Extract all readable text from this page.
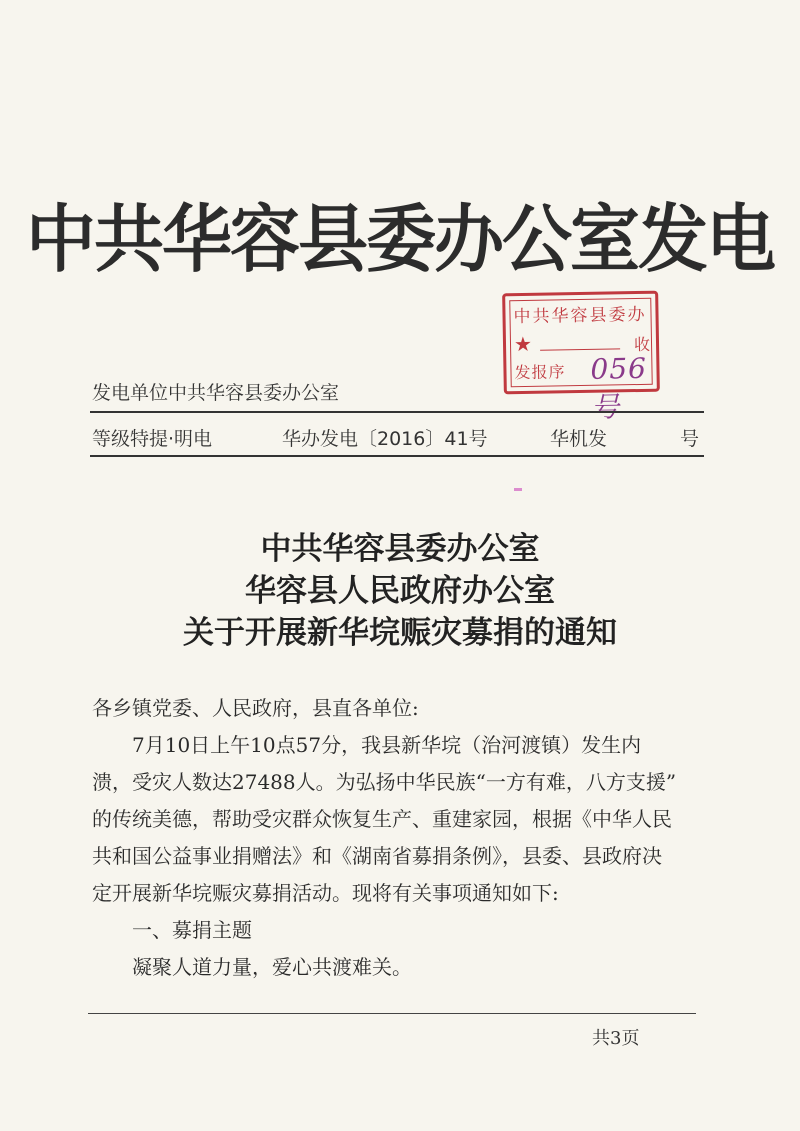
中共华容县委办公室发电
中共华容县委办
★	收
发报序 056号
发电单位中共华容县委办公室
等级特提·明电	华办发电〔2016〕41号	华机发	号
中共华容县委办公室
华容县人民政府办公室
关于开展新华垸赈灾募捐的通知

各乡镇党委、人民政府，县直各单位:

7月10日上午10点57分，我县新华垸（治河渡镇）发生内

溃，受灾人数达27488人。为弘扬中华民族“一方有难，八方支援”

的传统美德，帮助受灾群众恢复生产、重建家园，根据《中华人民

共和国公益事业捐赠法》和《湖南省募捐条例》，县委、县政府决

定开展新华垸赈灾募捐活动。现将有关事项通知如下:

一、募捐主题

凝聚人道力量，爱心共渡难关。

共3页
